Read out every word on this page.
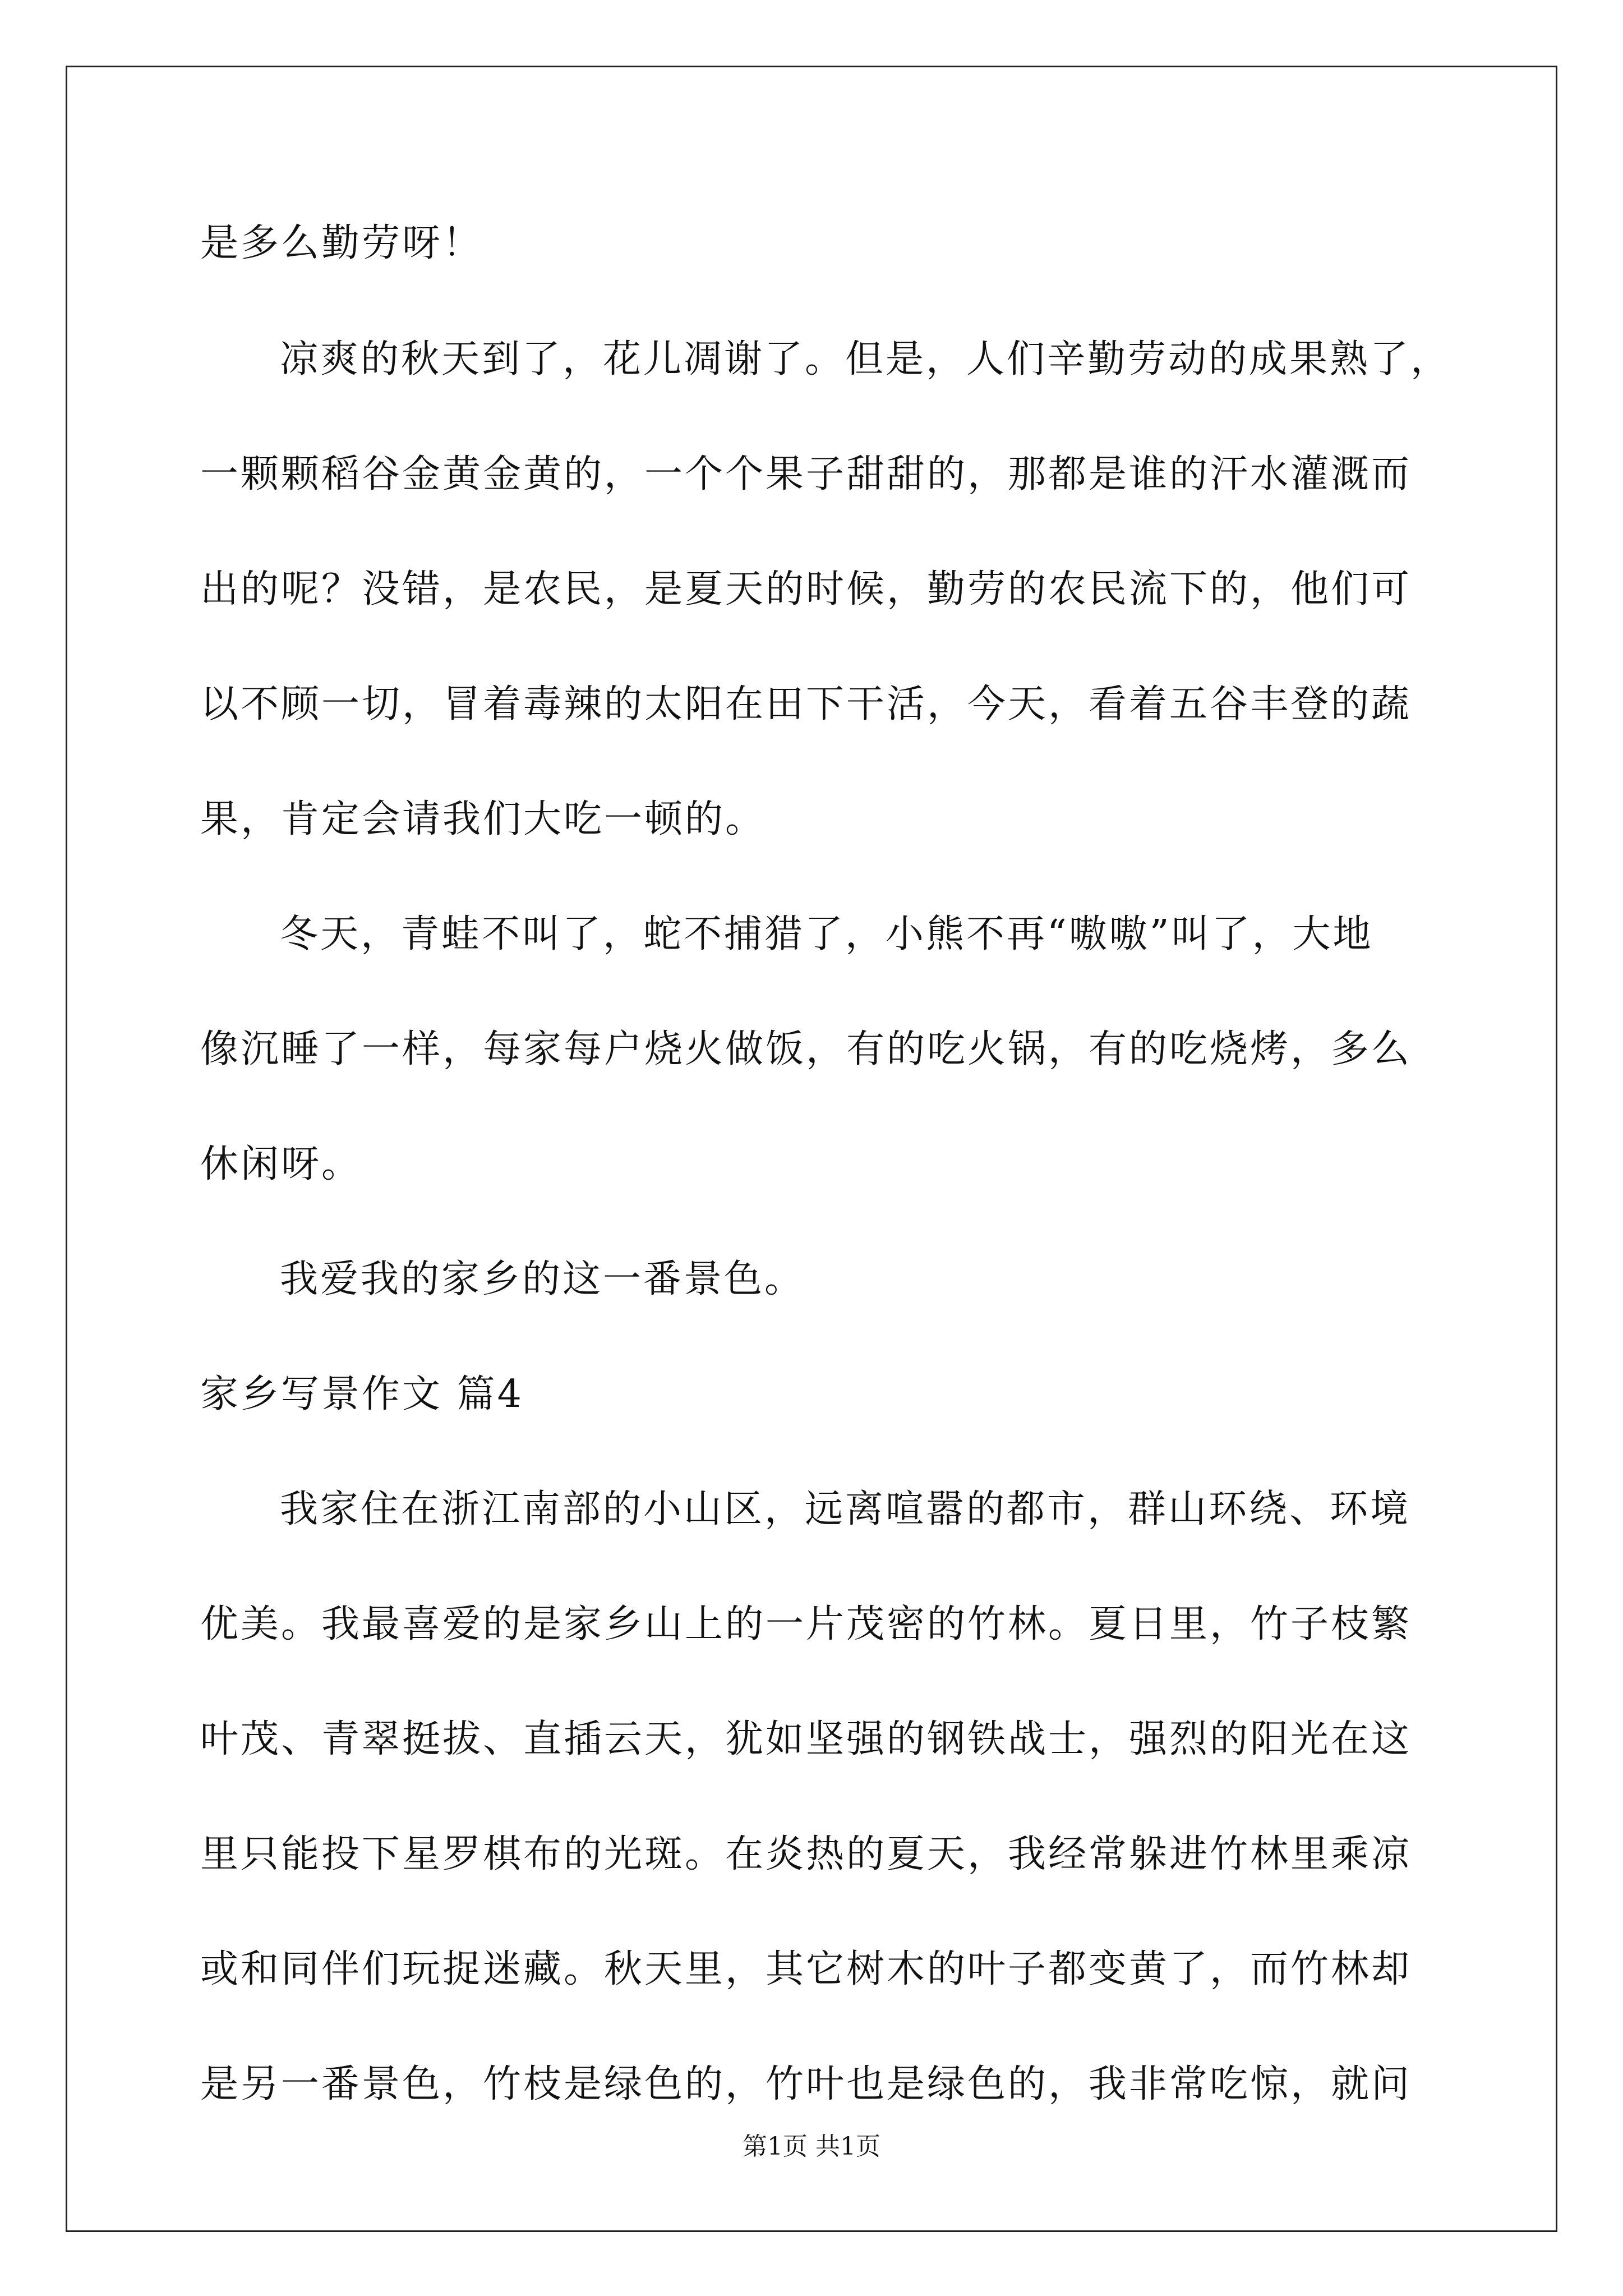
是多么勤劳呀！
凉爽的秋天到了，花儿凋谢了。但是，人们辛勤劳动的成果熟了，
一颗颗稻谷金黄金黄的，一个个果子甜甜的，那都是谁的汗水灌溉而
出的呢？没错，是农民，是夏天的时候，勤劳的农民流下的，他们可
以不顾一切，冒着毒辣的太阳在田下干活，今天，看着五谷丰登的蔬
果，肯定会请我们大吃一顿的。
冬天，青蛙不叫了，蛇不捕猎了，小熊不再“嗷嗷”叫了，大地
像沉睡了一样，每家每户烧火做饭，有的吃火锅，有的吃烧烤，多么
休闲呀。
我爱我的家乡的这一番景色。
家乡写景作文 篇4
我家住在浙江南部的小山区，远离喧嚣的都市，群山环绕、环境
优美。我最喜爱的是家乡山上的一片茂密的竹林。夏日里，竹子枝繁
叶茂、青翠挺拔、直插云天，犹如坚强的钢铁战士，强烈的阳光在这
里只能投下星罗棋布的光斑。在炎热的夏天，我经常躲进竹林里乘凉
或和同伴们玩捉迷藏。秋天里，其它树木的叶子都变黄了，而竹林却
是另一番景色，竹枝是绿色的，竹叶也是绿色的，我非常吃惊，就问
第1页 共1页
